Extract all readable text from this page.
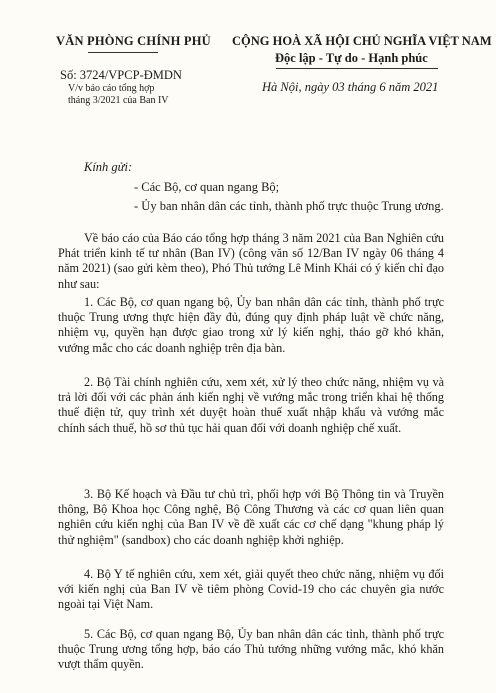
VĂN PHÒNG CHÍNH PHỦ CỘNG HOÀ XÃ HỘI CHỦ NGHĨA VIỆT NAM
Độc lập - Tự do - Hạnh phúc
Số: 3724/VPCP-ĐMDN
V/v báo cáo tổng hợp
tháng 3/2021 của Ban IV
Hà Nội, ngày 03 tháng 6 năm 2021
Kính gửi:
- Các Bộ, cơ quan ngang Bộ;
- Ủy ban nhân dân các tỉnh, thành phố trực thuộc Trung ương.

Về báo cáo của Báo cáo tổng hợp tháng 3 năm 2021 của Ban Nghiên cứu Phát triển kinh tế tư nhân (Ban IV) (công văn số 12/Ban IV ngày 06 tháng 4 năm 2021) (sao gửi kèm theo), Phó Thủ tướng Lê Minh Khái có ý kiến chỉ đạo như sau:

1. Các Bộ, cơ quan ngang bộ, Ủy ban nhân dân các tỉnh, thành phố trực thuộc Trung ương thực hiện đầy đủ, đúng quy định pháp luật về chức năng, nhiệm vụ, quyền hạn được giao trong xử lý kiến nghị, tháo gỡ khó khăn, vướng mắc cho các doanh nghiệp trên địa bàn.

2. Bộ Tài chính nghiên cứu, xem xét, xử lý theo chức năng, nhiệm vụ và trả lời đối với các phản ánh kiến nghị về vướng mắc trong triển khai hệ thống thuế điện tử, quy trình xét duyệt hoàn thuế xuất nhập khẩu và vướng mắc chính sách thuế, hồ sơ thủ tục hải quan đối với doanh nghiệp chế xuất.

3. Bộ Kế hoạch và Đầu tư chủ trì, phối hợp với Bộ Thông tin và Truyền thông, Bộ Khoa học Công nghệ, Bộ Công Thương và các cơ quan liên quan nghiên cứu kiến nghị của Ban IV về đề xuất các cơ chế dạng "khung pháp lý thử nghiệm" (sandbox) cho các doanh nghiệp khởi nghiệp.

4. Bộ Y tế nghiên cứu, xem xét, giải quyết theo chức năng, nhiệm vụ đối với kiến nghị của Ban IV về tiêm phòng Covid-19 cho các chuyên gia nước ngoài tại Việt Nam.

5. Các Bộ, cơ quan ngang Bộ, Ủy ban nhân dân các tỉnh, thành phố trực thuộc Trung ương tổng hợp, báo cáo Thủ tướng những vướng mắc, khó khăn vượt thẩm quyền.
